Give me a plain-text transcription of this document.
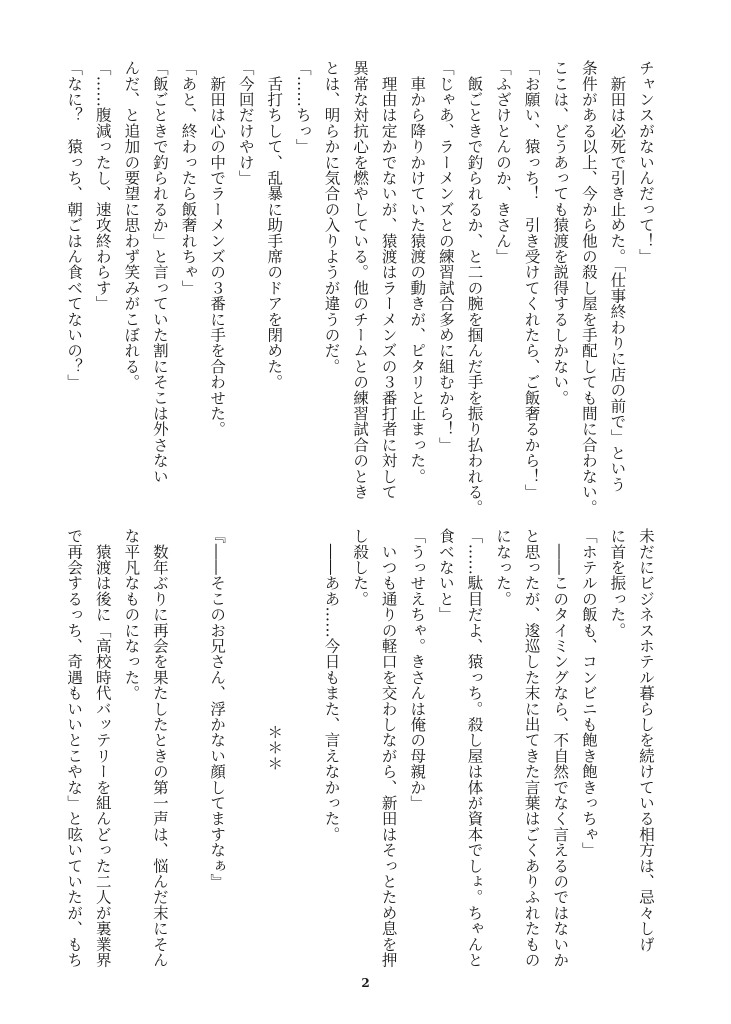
チャンスがないんだって！」

　新田は必死で引き止めた。「仕事終わりに店の前で」という

条件がある以上、今から他の殺し屋を手配しても間に合わない。

ここは、どうあっても猿渡を説得するしかない。

「お願い、猿っち！　引き受けてくれたら、ご飯奢るから！」

「ふざけとんのか、きさん」

　飯ごときで釣られるか、と二の腕を掴んだ手を振り払われる。

「じゃあ、ラーメンズとの練習試合多めに組むから！」

　車から降りかけていた猿渡の動きが、ピタリと止まった。

　理由は定かでないが、猿渡はラーメンズの３番打者に対して

異常な対抗心を燃やしている。他のチームとの練習試合のとき

とは、明らかに気合の入りようが違うのだ。

「……ちっ」

　舌打ちして、乱暴に助手席のドアを閉めた。

「今回だけやけ」

　新田は心の中でラーメンズの３番に手を合わせた。

「あと、終わったら飯奢れちゃ」

「飯ごときで釣られるか」と言っていた割にそこは外さない

んだ、と追加の要望に思わず笑みがこぼれる。

「……腹減ったし、速攻終わらす」

「なに？　猿っち、朝ごはん食べてないの？」

未だにビジネスホテル暮らしを続けている相方は、忌々しげ

に首を振った。

「ホテルの飯も、コンビニも飽き飽きっちゃ」

　――このタイミングなら、不自然でなく言えるのではないか

と思ったが、逡巡した末に出てきた言葉はごくありふれたもの

になった。

「……駄目だよ、猿っち。殺し屋は体が資本でしょ。ちゃんと

食べないと」

「うっせえちゃ。きさんは俺の母親か」

　いつも通りの軽口を交わしながら、新田はそっとため息を押

し殺した。

　――ああ……今日もまた、言えなかった。

＊＊＊

『――そこのお兄さん、浮かない顔してますなぁ』

　数年ぶりに再会を果たしたときの第一声は、悩んだ末にそん

な平凡なものになった。

　猿渡は後に「高校時代バッテリーを組んどった二人が裏業界

で再会するっち、奇遇もいいとこやな」と呟いていたが、もち

2
